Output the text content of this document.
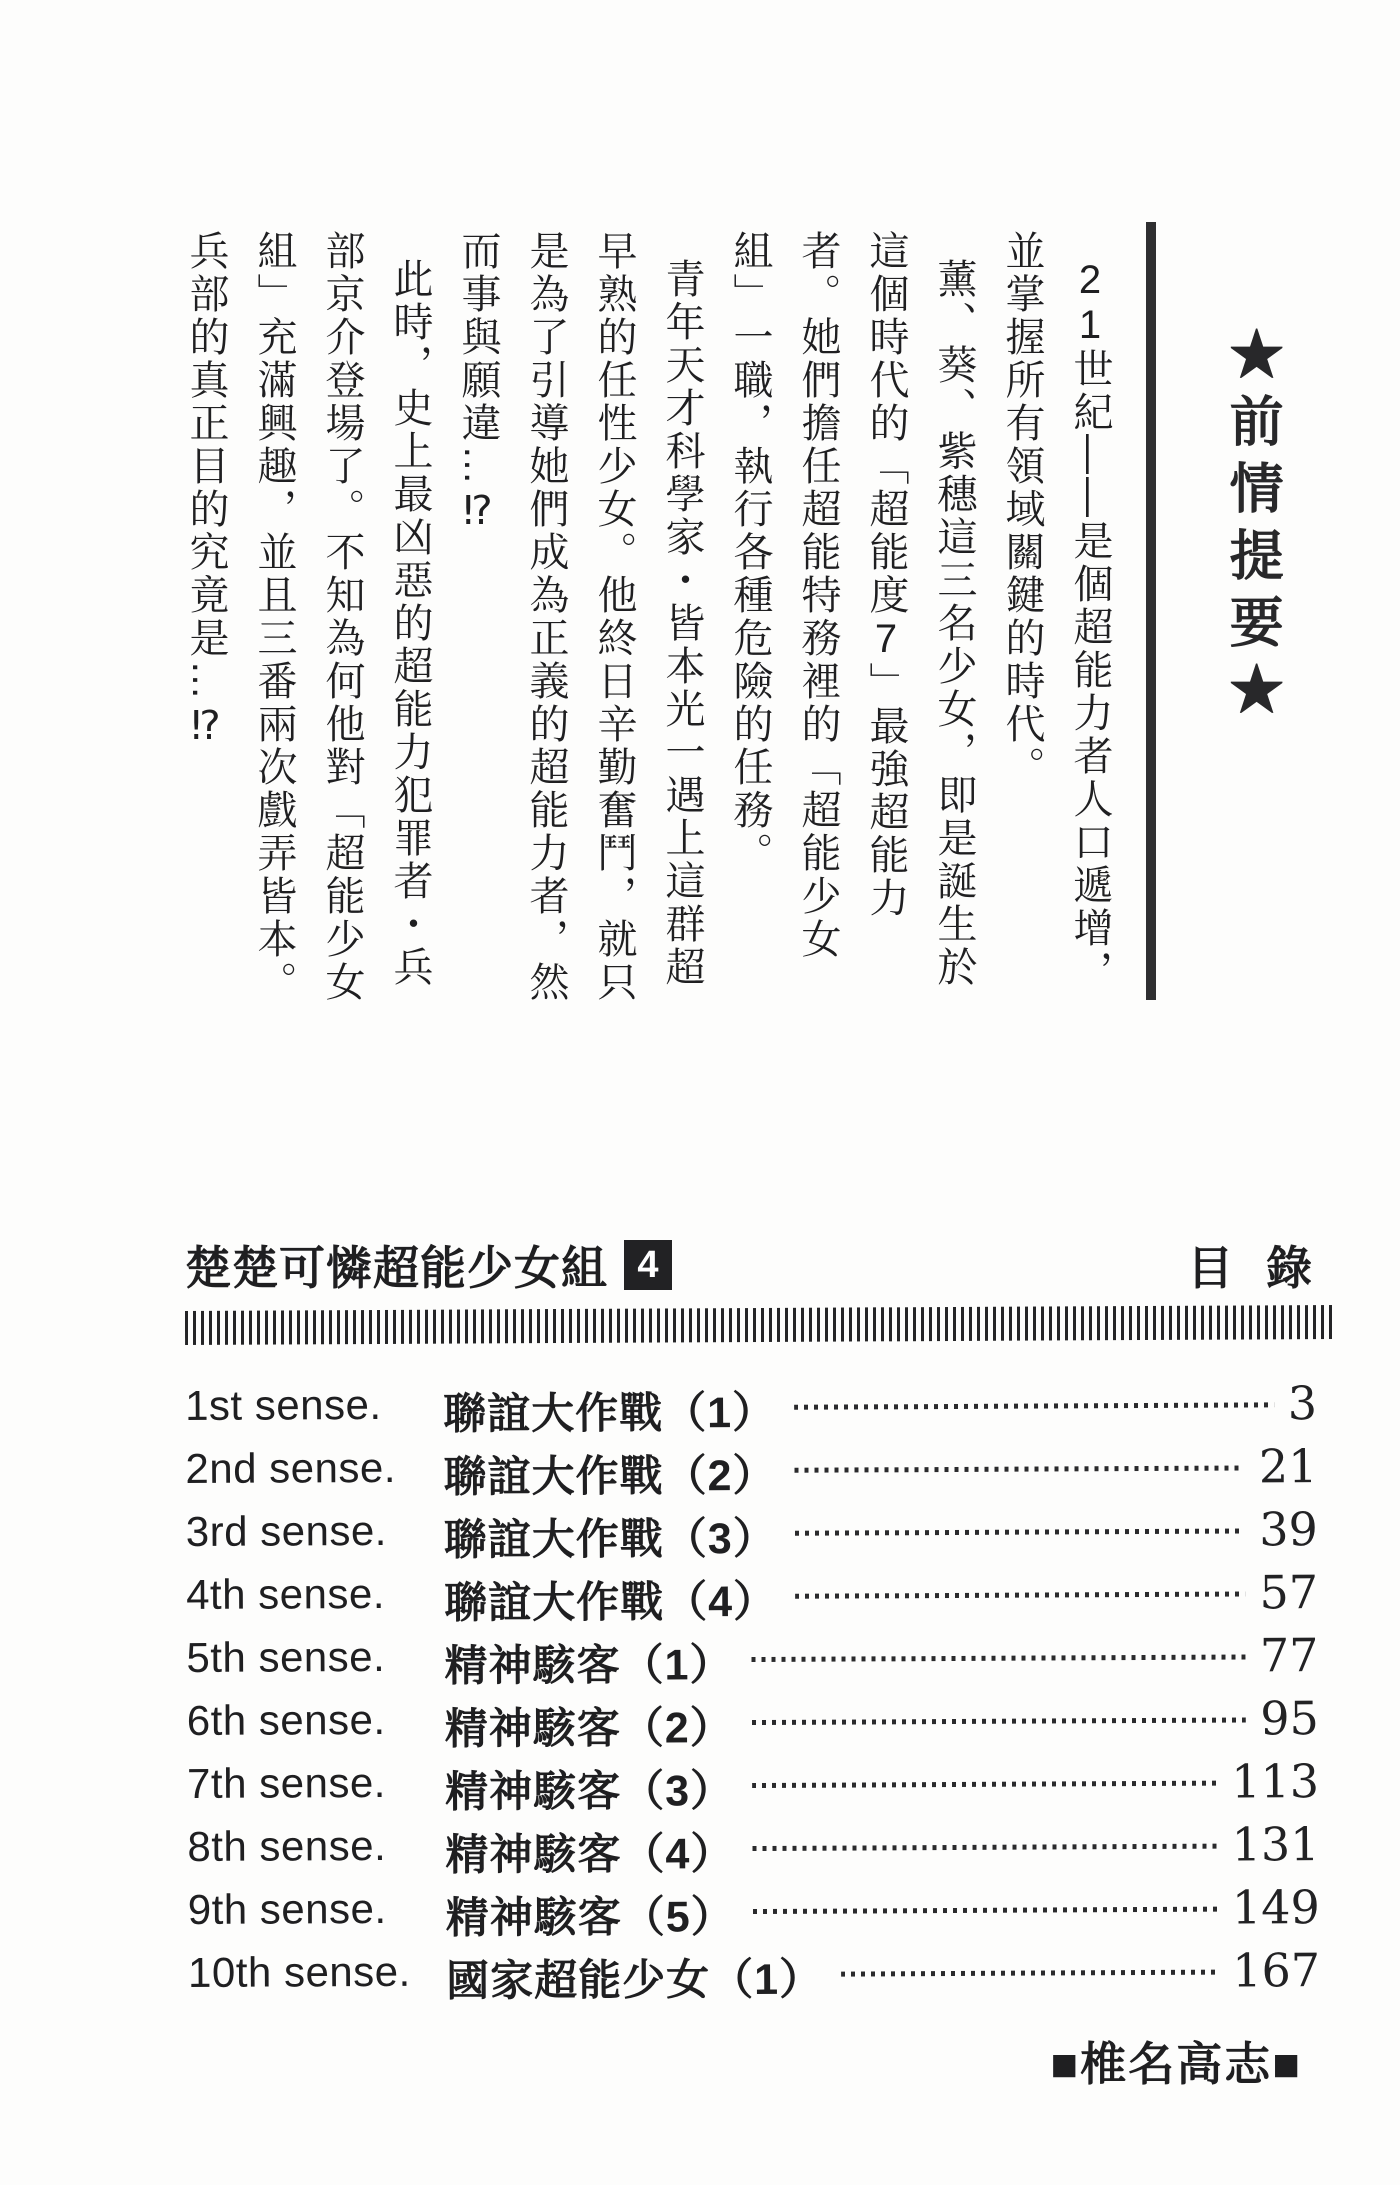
★前情提要★

21世紀——是個超能力者人口遞增，並掌握所有領域關鍵的時代。

薰、葵、紫穗這三名少女，即是誕生於這個時代的「超能度7」最強超能力者。她們擔任超能特務裡的「超能少女組」一職，執行各種危險的任務。

青年天才科學家・皆本光一遇上這群超早熟的任性少女。他終日辛勤奮鬥，就只是為了引導她們成為正義的超能力者，然而事與願違…⁉

此時，史上最凶惡的超能力犯罪者・兵部京介登場了。不知為何他對「超能少女組」充滿興趣，並且三番兩次戲弄皆本。兵部的真正目的究竟是…⁉

楚楚可憐超能少女組 4	目 錄
1st sense.	聯誼大作戰（1）	3
2nd sense.	聯誼大作戰（2）	21
3rd sense.	聯誼大作戰（3）	39
4th sense.	聯誼大作戰（4）	57
5th sense.	精神駭客（1）	77
6th sense.	精神駭客（2）	95
7th sense.	精神駭客（3）	113
8th sense.	精神駭客（4）	131
9th sense.	精神駭客（5）	149
10th sense. 國家超能少女（1）	167
■椎名高志■
